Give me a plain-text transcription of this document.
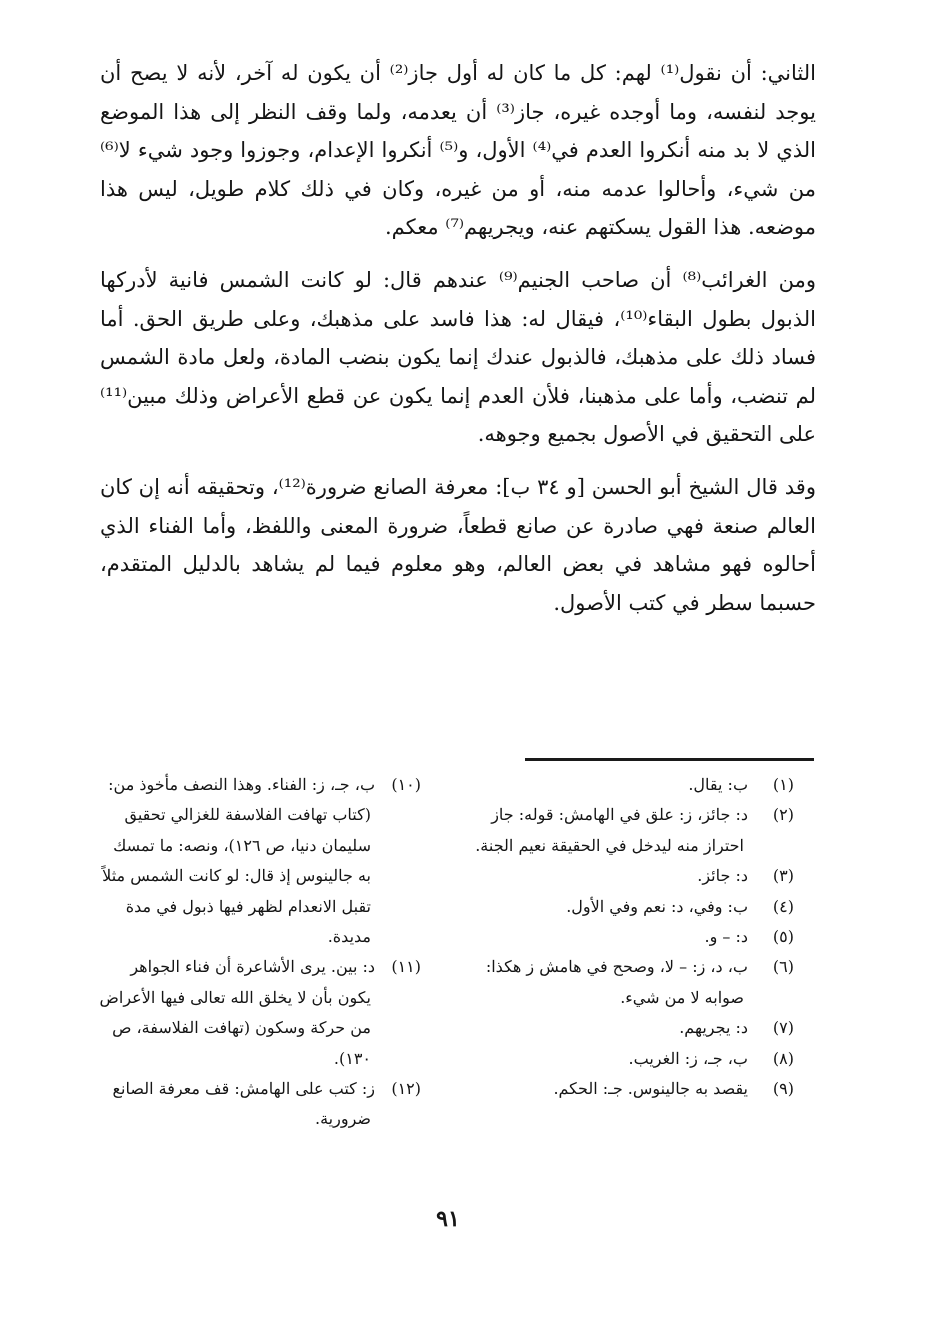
الثاني: أن نقول⁽¹⁾ لهم: كل ما كان له أول جاز⁽²⁾ أن يكون له آخر، لأنه لا يصح أن يوجد لنفسه، وما أوجده غيره، جاز⁽³⁾ أن يعدمه، ولما وقف النظر إلى هذا الموضع الذي لا بد منه أنكروا العدم في⁽⁴⁾ الأول، و⁽⁵⁾ أنكروا الإعدام، وجوزوا وجود شيء لا⁽⁶⁾ من شيء، وأحالوا عدمه منه، أو من غيره، وكان في ذلك كلام طويل، ليس هذا موضعه. هذا القول يسكتهم عنه، ويجريهم⁽⁷⁾ معكم.

ومن الغرائب⁽⁸⁾ أن صاحب الجنيم⁽⁹⁾ عندهم قال: لو كانت الشمس فانية لأدركها الذبول بطول البقاء⁽¹⁰⁾، فيقال له: هذا فاسد على مذهبك، وعلى طريق الحق. أما فساد ذلك على مذهبك، فالذبول عندك إنما يكون بنضب المادة، ولعل مادة الشمس لم تنضب، وأما على مذهبنا، فلأن العدم إنما يكون عن قطع الأعراض وذلك مبين⁽¹¹⁾ على التحقيق في الأصول بجميع وجوهه.

وقد قال الشيخ أبو الحسن [و ٣٤ ب]: معرفة الصانع ضرورة⁽¹²⁾، وتحقيقه أنه إن كان العالم صنعة فهي صادرة عن صانع قطعاً، ضرورة المعنى واللفظ، وأما الفناء الذي أحالوه فهو مشاهد في بعض العالم، وهو معلوم فيما لم يشاهد بالدليل المتقدم، حسبما سطر في كتب الأصول.

(١)ب: يقال.

(٢)د: جائز، ز: علق في الهامش: قوله: جاز احتراز منه ليدخل في الحقيقة نعيم الجنة.

(٣)د: جائز.

(٤)ب: وفي، د: نعم وفي الأول.

(٥)د: – و.

(٦)ب، د، ز: – لا، وصحح في هامش ز هكذا: صوابه لا من شيء.

(٧)د: يجريهم.

(٨)ب، جـ، ز: الغريب.

(٩)يقصد به جالينوس. جـ: الحكم.

(١٠)ب، جـ، ز: الفناء. وهذا النصف مأخوذ من: (كتاب تهافت الفلاسفة للغزالي تحقيق سليمان دنيا، ص ١٢٦)، ونصه: ما تمسك به جالينوس إذ قال: لو كانت الشمس مثلاً تقبل الانعدام لظهر فيها ذبول في مدة مديدة.

(١١)د: بين. يرى الأشاعرة أن فناء الجواهر يكون بأن لا يخلق الله تعالى فيها الأعراض من حركة وسكون (تهافت الفلاسفة، ص ١٣٠).

(١٢)ز: كتب على الهامش: قف معرفة الصانع ضرورية.

٩١
